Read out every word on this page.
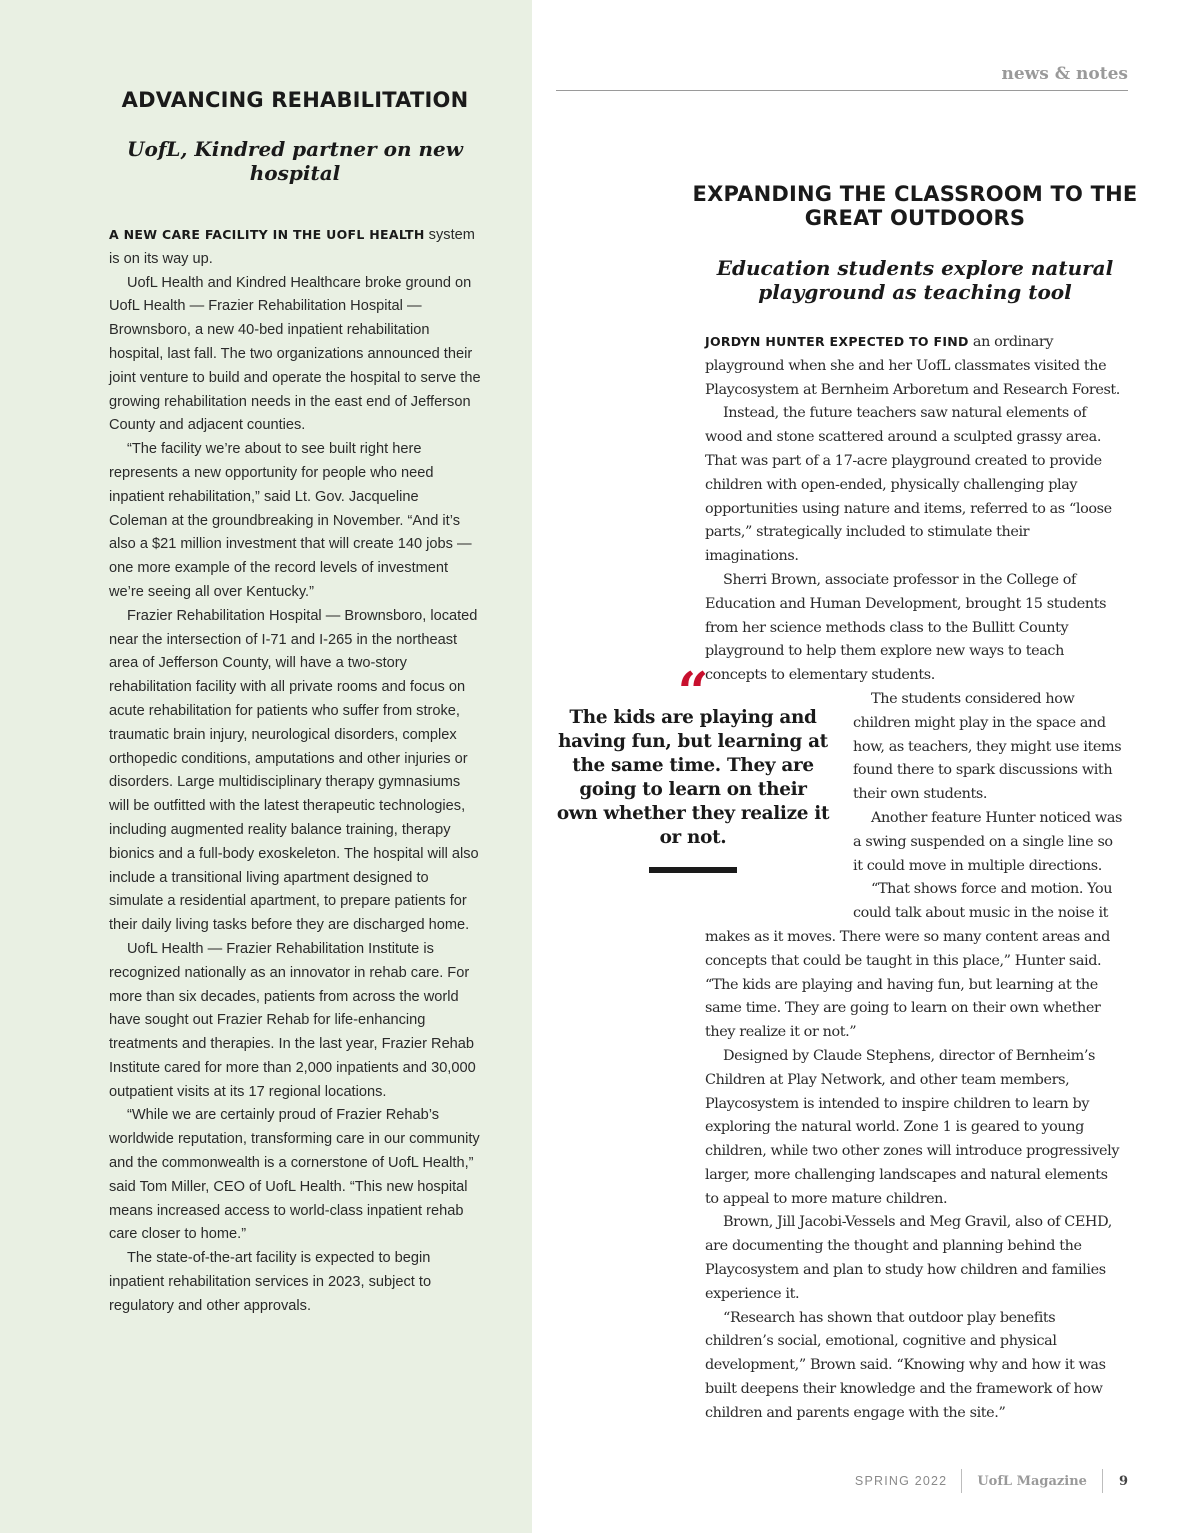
news & notes
ADVANCING REHABILITATION
UofL, Kindred partner on new hospital

A NEW CARE FACILITY IN THE UOFL HEALTH system is on its way up.

UofL Health and Kindred Healthcare broke ground on UofL Health — Frazier Rehabilitation Hospital — Brownsboro, a new 40-bed inpatient rehabilitation hospital, last fall. The two organizations announced their joint venture to build and operate the hospital to serve the growing rehabilitation needs in the east end of Jefferson County and adjacent counties.

“The facility we’re about to see built right here represents a new opportunity for people who need inpatient rehabilitation,” said Lt. Gov. Jacqueline Coleman at the groundbreaking in November. “And it’s also a $21 million investment that will create 140 jobs — one more example of the record levels of investment we’re seeing all over Kentucky.”

Frazier Rehabilitation Hospital — Brownsboro, located near the intersection of I-71 and I-265 in the northeast area of Jefferson County, will have a two-story rehabilitation facility with all private rooms and focus on acute rehabilitation for patients who suffer from stroke, traumatic brain injury, neurological disorders, complex orthopedic conditions, amputations and other injuries or disorders. Large multidisciplinary therapy gymnasiums will be outfitted with the latest therapeutic technologies, including augmented reality balance training, therapy bionics and a full-body exoskeleton. The hospital will also include a transitional living apartment designed to simulate a residential apartment, to prepare patients for their daily living tasks before they are discharged home.

UofL Health — Frazier Rehabilitation Institute is recognized nationally as an innovator in rehab care. For more than six decades, patients from across the world have sought out Frazier Rehab for life-enhancing treatments and therapies. In the last year, Frazier Rehab Institute cared for more than 2,000 inpatients and 30,000 outpatient visits at its 17 regional locations.

“While we are certainly proud of Frazier Rehab’s worldwide reputation, transforming care in our community and the commonwealth is a cornerstone of UofL Health,” said Tom Miller, CEO of UofL Health. “This new hospital means increased access to world-class inpatient rehab care closer to home.”

The state-of-the-art facility is expected to begin inpatient rehabilitation services in 2023, subject to regulatory and other approvals.

EXPANDING THE CLASSROOM TO THE GREAT OUTDOORS
Education students explore natural playground as teaching tool

JORDYN HUNTER EXPECTED TO FIND an ordinary playground when she and her UofL classmates visited the Playcosystem at Bernheim Arboretum and Research Forest.

Instead, the future teachers saw natural elements of wood and stone scattered around a sculpted grassy area. That was part of a 17-acre playground created to provide children with open-ended, physically challenging play opportunities using nature and items, referred to as “loose parts,” strategically included to stimulate their imaginations.

Sherri Brown, associate professor in the College of Education and Human Development, brought 15 students from her science methods class to the Bullitt County playground to help them explore new ways to teach concepts to elementary students.

The students considered how children might play in the space and how, as teachers, they might use items found there to spark discussions with their own students.

Another feature Hunter noticed was a swing suspended on a single line so it could move in multiple directions.

“That shows force and motion. You could talk about music in the noise it makes as it moves. There were so many content areas and concepts that could be taught in this place,” Hunter said. “The kids are playing and having fun, but learning at the same time. They are going to learn on their own whether they realize it or not.”

Designed by Claude Stephens, director of Bernheim’s Children at Play Network, and other team members, Playcosystem is intended to inspire children to learn by exploring the natural world. Zone 1 is geared to young children, while two other zones will introduce progressively larger, more challenging landscapes and natural elements to appeal to more mature children.

Brown, Jill Jacobi-Vessels and Meg Gravil, also of CEHD, are documenting the thought and planning behind the Playcosystem and plan to study how children and families experience it.

“Research has shown that outdoor play benefits children’s social, emotional, cognitive and physical development,” Brown said. “Knowing why and how it was built deepens their knowledge and the framework of how children and parents engage with the site.”

“

The kids are playing and having fun, but learning at the same time. They are going to learn on their own whether they realize it or not.

SPRING 2022	UofL Magazine	9
